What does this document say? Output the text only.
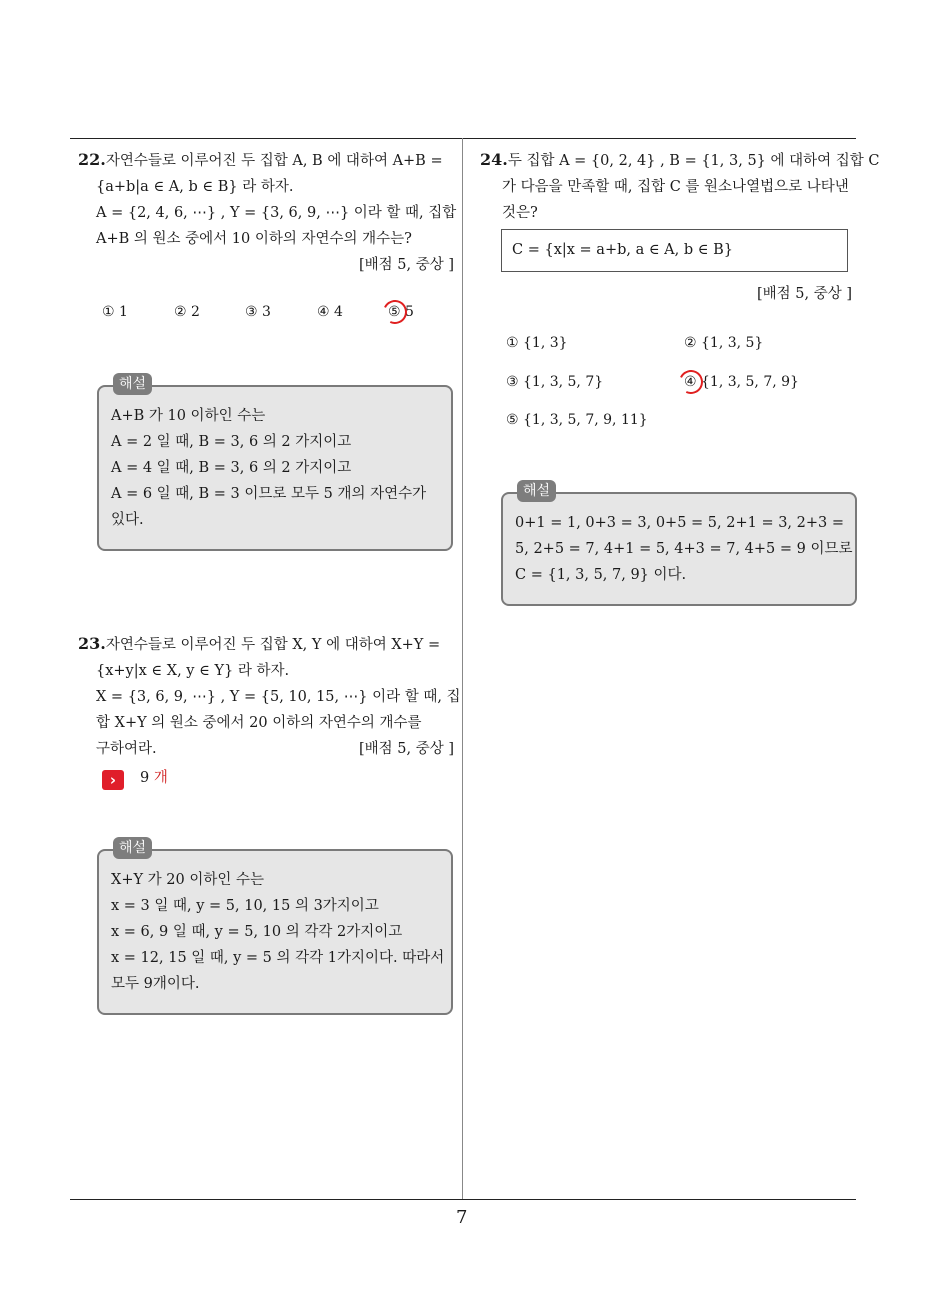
22.자연수들로 이루어진 두 집합 A, B 에 대하여 A+B =
{a+b|a ∈ A, b ∈ B} 라 하자.
A = {2, 4, 6, ⋯} , Y = {3, 6, 9, ⋯} 이라 할 때, 집합
A+B 의 원소 중에서 10 이하의 자연수의 개수는?
[배점 5, 중상 ]
① 1	② 2	③ 3	④ 4	⑤ 5
A+B 가 10 이하인 수는
A = 2 일 때, B = 3, 6 의 2 가지이고
A = 4 일 때, B = 3, 6 의 2 가지이고
A = 6 일 때, B = 3 이므로 모두 5 개의 자연수가
있다.
해설
23.자연수들로 이루어진 두 집합 X, Y 에 대하여 X+Y =
{x+y|x ∈ X, y ∈ Y} 라 하자.
X = {3, 6, 9, ⋯} , Y = {5, 10, 15, ⋯} 이라 할 때, 집
합 X+Y 의 원소 중에서 20 이하의 자연수의 개수를
구하여라.	[배점 5, 중상 ]
›	9 개
X+Y 가 20 이하인 수는
x = 3 일 때, y = 5, 10, 15 의 3가지이고
x = 6, 9 일 때, y = 5, 10 의 각각 2가지이고
x = 12, 15 일 때, y = 5 의 각각 1가지이다. 따라서
모두 9개이다.
해설
24.두 집합 A = {0, 2, 4} , B = {1, 3, 5} 에 대하여 집합 C
가 다음을 만족할 때, 집합 C 를 원소나열법으로 나타낸
것은?
C = {x|x = a+b, a ∈ A, b ∈ B}
[배점 5, 중상 ]
① {1, 3}	② {1, 3, 5}
③ {1, 3, 5, 7}	④ {1, 3, 5, 7, 9}
⑤ {1, 3, 5, 7, 9, 11}
0+1 = 1, 0+3 = 3, 0+5 = 5, 2+1 = 3, 2+3 =
5, 2+5 = 7, 4+1 = 5, 4+3 = 7, 4+5 = 9 이므로
C = {1, 3, 5, 7, 9} 이다.
해설
7
